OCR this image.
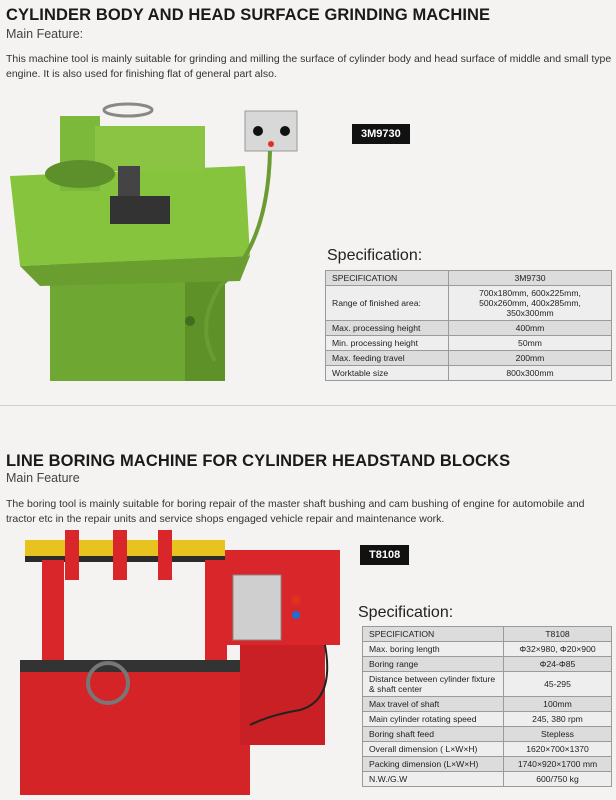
CYLINDER BODY AND HEAD SURFACE GRINDING MACHINE
Main Feature:
This machine tool is mainly suitable for grinding and milling the surface of cylinder body and head surface of middle and small type engine. It is also used for finishing flat of general part also.
3M9730
Specification:
SPECIFICATION	3M9730
Range of finished area:	700x180mm, 600x225mm, 500x260mm, 400x285mm, 350x300mm
Max. processing height	400mm
Min. processing height	50mm
Max. feeding travel	200mm
Worktable size	800x300mm
LINE BORING MACHINE FOR CYLINDER HEADSTAND BLOCKS
Main Feature
The boring tool is mainly suitable for boring repair of the master shaft bushing and cam bushing of engine for automobile and tractor etc in the repair units and service shops engaged vehicle repair and maintenance work.
T8108
Specification:
SPECIFICATION	T8108
Max. boring length	Φ32×980, Φ20×900
Boring range	Φ24-Φ85
Distance between cylinder fixture & shaft center	45-295
Max travel of shaft	100mm
Main cylinder rotating speed	245, 380 rpm
Boring shaft feed	Stepless
Overall dimension ( L×W×H)	1620×700×1370
Packing dimension (L×W×H)	1740×920×1700 mm
N.W./G.W	600/750 kg
